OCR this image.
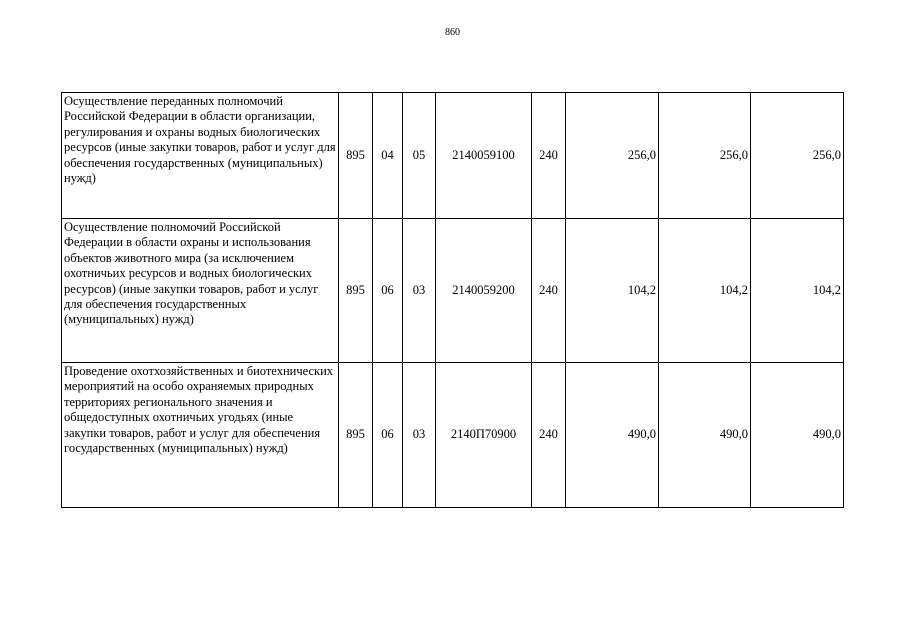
860
Осуществление переданных полномочий Российской Федерации в области организации, регулирования и охраны водных биологических ресурсов (иные закупки товаров, работ и услуг для обеспечения государственных (муниципальных) нужд)	895	04	05	2140059100	240	256,0	256,0	256,0
Осуществление полномочий Российской Федерации в области охраны и использования объектов животного мира (за исключением охотничьих ресурсов и водных биологических ресурсов) (иные закупки товаров, работ и услуг для обеспечения государственных (муниципальных) нужд)	895	06	03	2140059200	240	104,2	104,2	104,2
Проведение охотхозяйственных и биотехнических мероприятий на особо охраняемых природных территориях регионального значения и общедоступных охотничьих угодьях (иные закупки товаров, работ и услуг для обеспечения государственных (муниципальных) нужд)	895	06	03	2140П70900	240	490,0	490,0	490,0
